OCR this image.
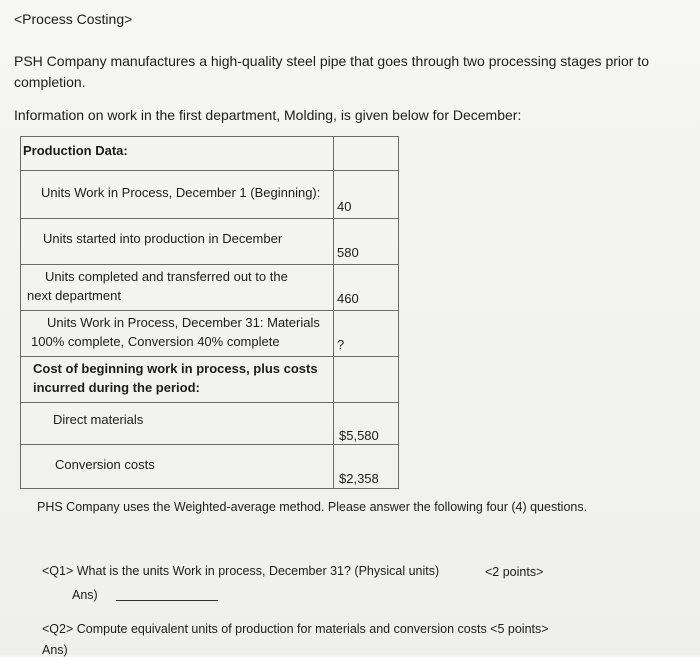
<Process Costing>
PSH Company manufactures a high-quality steel pipe that goes through two processing stages prior to
completion.
Information on work in the first department, Molding, is given below for December:
Production Data:	

Units Work in Process, December 1 (Beginning):	40

Units started into production in December	580

Units completed and transferred out to the
next department	460

Units Work in Process, December 31: Materials
100% complete, Conversion 40% complete	?

Cost of beginning work in process, plus costs
incurred during the period:	

Direct materials	$5,580

Conversion costs	$2,358
PHS Company uses the Weighted-average method. Please answer the following four (4) questions.
<Q1> What is the units Work in process, December 31? (Physical units)	<2 points>
Ans)
<Q2> Compute equivalent units of production for materials and conversion costs <5 points>
Ans)
